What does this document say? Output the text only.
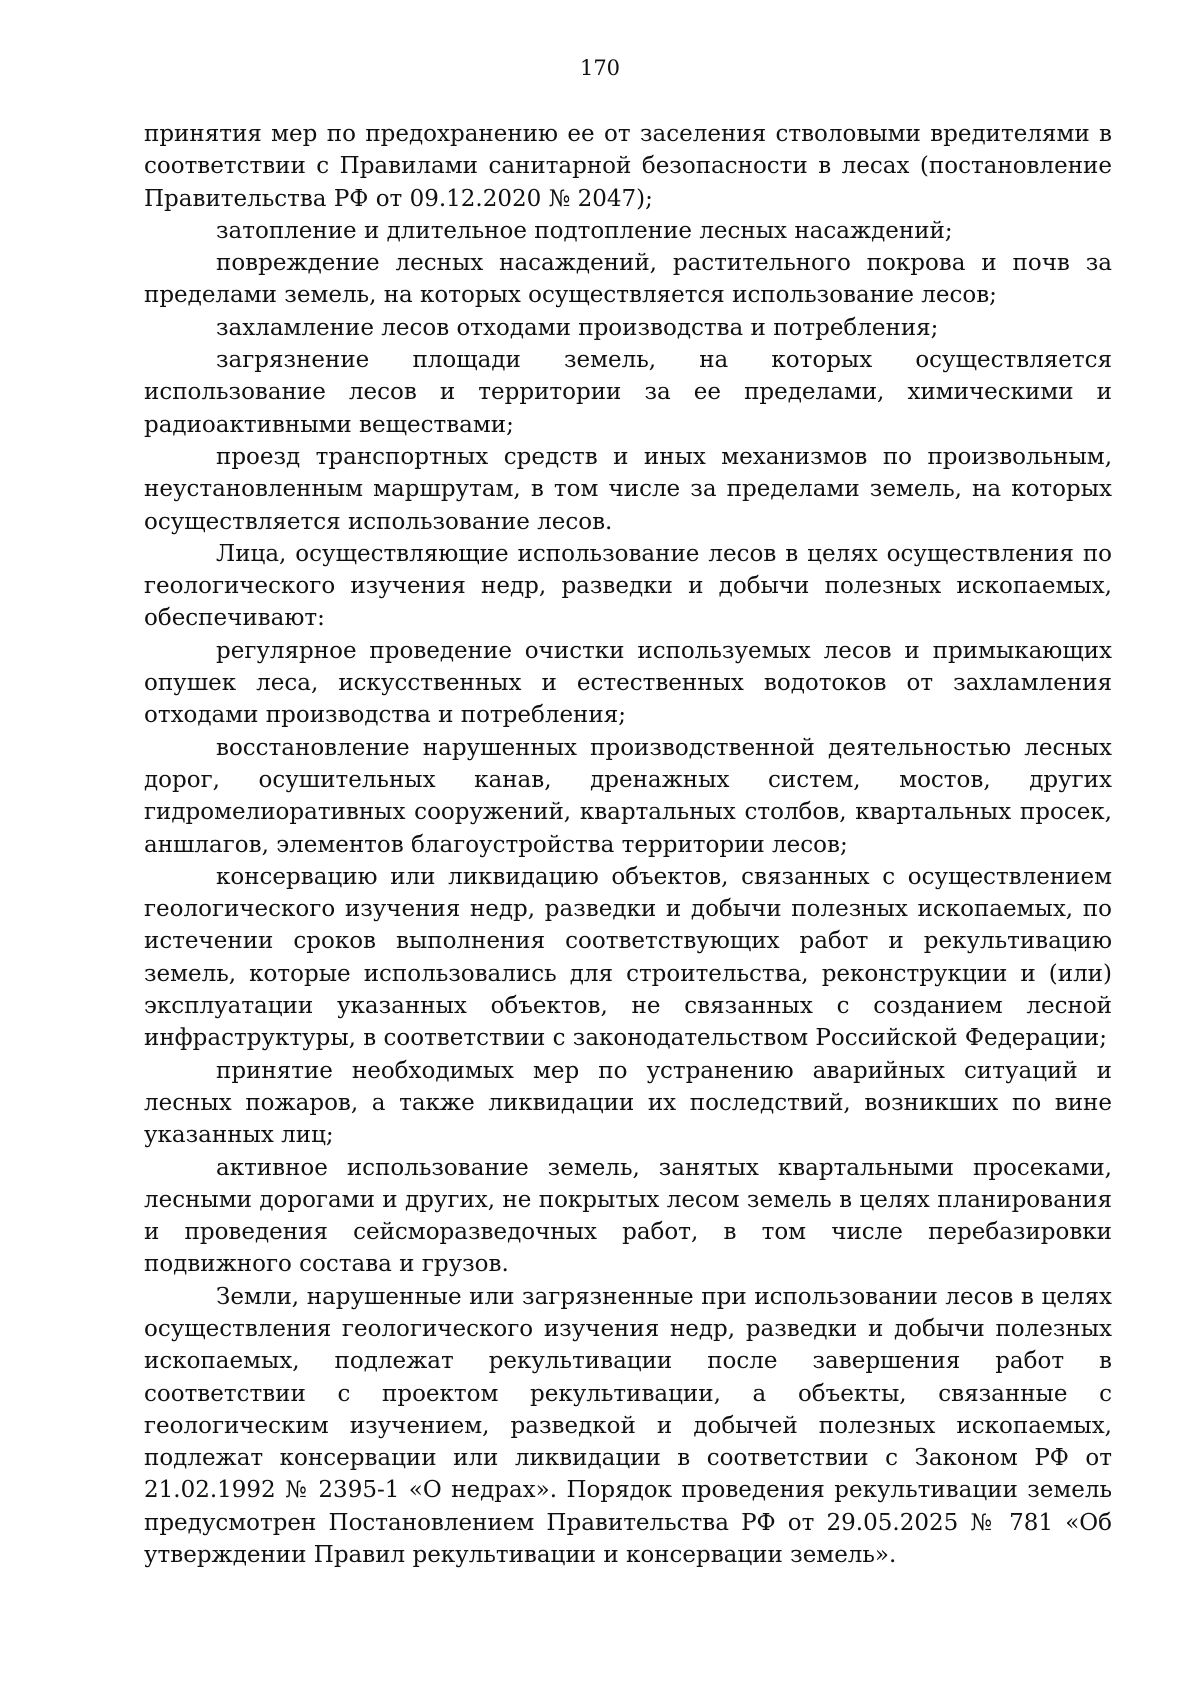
170

принятия мер по предохранению ее от заселения стволовыми вредителями в соответствии с Правилами санитарной безопасности в лесах (постановление Правительства РФ от 09.12.2020 № 2047);

затопление и длительное подтопление лесных насаждений;

повреждение лесных насаждений, растительного покрова и почв за пределами земель, на которых осуществляется использование лесов;

захламление лесов отходами производства и потребления;

загрязнение площади земель, на которых осуществляется использование лесов и территории за ее пределами, химическими и радиоактивными веществами;

проезд транспортных средств и иных механизмов по произвольным, неустановленным маршрутам, в том числе за пределами земель, на которых осуществляется использование лесов.

Лица, осуществляющие использование лесов в целях осуществления по геологического изучения недр, разведки и добычи полезных ископаемых, обеспечивают:

регулярное проведение очистки используемых лесов и примыкающих опушек леса, искусственных и естественных водотоков от захламления отходами производства и потребления;

восстановление нарушенных производственной деятельностью лесных дорог, осушительных канав, дренажных систем, мостов, других гидромелиоративных сооружений, квартальных столбов, квартальных просек, аншлагов, элементов благоустройства территории лесов;

консервацию или ликвидацию объектов, связанных с осуществлением геологического изучения недр, разведки и добычи полезных ископаемых, по истечении сроков выполнения соответствующих работ и рекультивацию земель, которые использовались для строительства, реконструкции и (или) эксплуатации указанных объектов, не связанных с созданием лесной инфраструктуры, в соответствии с законодательством Российской Федерации;

принятие необходимых мер по устранению аварийных ситуаций и лесных пожаров, а также ликвидации их последствий, возникших по вине указанных лиц;

активное использование земель, занятых квартальными просеками, лесными дорогами и других, не покрытых лесом земель в целях планирования и проведения сейсморазведочных работ, в том числе перебазировки подвижного состава и грузов.

Земли, нарушенные или загрязненные при использовании лесов в целях осуществления геологического изучения недр, разведки и добычи полезных ископаемых, подлежат рекультивации после завершения работ в соответствии с проектом рекультивации, а объекты, связанные с геологическим изучением, разведкой и добычей полезных ископаемых, подлежат консервации или ликвидации в соответствии с Законом РФ от 21.02.1992 № 2395-1 «О недрах». Порядок проведения рекультивации земель предусмотрен Постановлением Правительства РФ от 29.05.2025 № 781 «Об утверждении Правил рекультивации и консервации земель».
